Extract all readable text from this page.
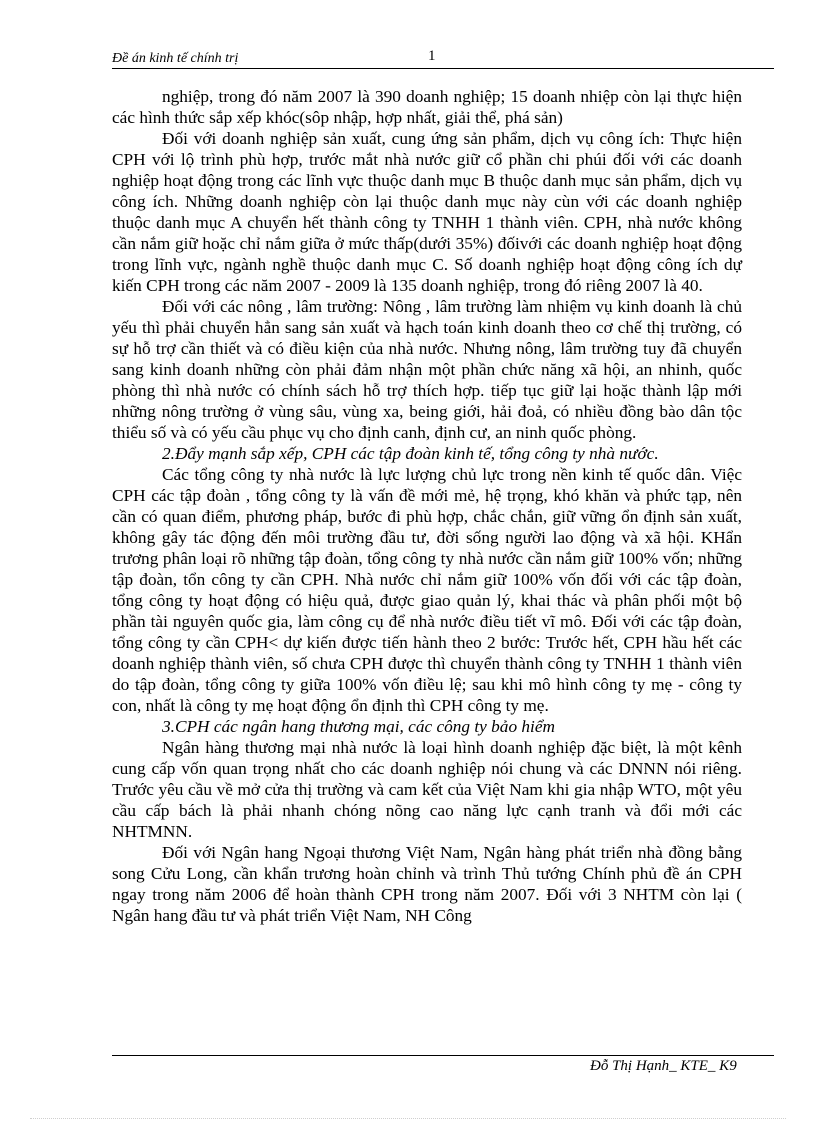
Đề án kinh tế chính trị	1

nghiệp, trong đó năm 2007 là 390 doanh nghiệp; 15 doanh nhiệp còn lại thực hiện các hình thức sắp xếp khóc(sôp nhập, hợp nhất, giải thể, phá sản)

Đối với doanh nghiệp sản xuất, cung ứng sản phẩm, dịch vụ công ích: Thực hiện CPH với lộ trình phù hợp, trước mắt nhà nước giữ cổ phần chi phúi đối với các doanh nghiệp hoạt động trong các lĩnh vực thuộc danh mục B thuộc danh mục sản phẩm, dịch vụ công ích. Những doanh nghiệp còn lại thuộc danh mục này cùn với các doanh nghiệp thuộc danh mục A chuyển hết thành công ty TNHH 1 thành viên. CPH, nhà nước không cần nắm giữ hoặc chỉ nắm giữa ở mức thấp(dưới 35%) đốivới các doanh nghiệp hoạt động trong lĩnh vực, ngành nghề thuộc danh mục C. Số doanh nghiệp hoạt động công ích dự kiến CPH trong các năm 2007 - 2009 là 135 doanh nghiệp, trong đó riêng 2007 là 40.

Đối với các nông , lâm trường: Nông , lâm trường làm nhiệm vụ kinh doanh là chủ yếu thì phải chuyển hẳn sang sản xuất và hạch toán kinh doanh theo cơ chế thị trường, có sự hỗ trợ cần thiết và có điều kiện của nhà nước. Nhưng nông, lâm trường tuy đã chuyển sang kinh doanh những còn phải đảm nhận một phần chức năng xã hội, an nhinh, quốc phòng thì nhà nước có chính sách hỗ trợ thích hợp. tiếp tục giữ lại hoặc thành lập mới những nông trường ở vùng sâu, vùng xa, being giới, hải đoả, có nhiều đồng bào dân tộc thiểu số và có yếu cầu phục vụ cho định canh, định cư, an ninh quốc phòng.

2.Đẩy mạnh sắp xếp, CPH các tập đoàn kinh tế, tổng công ty nhà nước.

Các tổng công ty nhà nước là lực lượng chủ lực trong nền kinh tế quốc dân. Việc CPH các tập đoàn , tổng công ty là vấn đề mới mẻ, hệ trọng, khó khăn và phức tạp, nên cần có quan điểm, phương pháp, bước đi phù hợp, chắc chắn, giữ vững ổn định sản xuất, không gây tác động đến môi trường đầu tư, đời sống người lao động và xã hội. KHẩn trương phân loại rõ những tập đoàn, tổng công ty nhà nước cần nắm giữ 100% vốn; những tập đoàn, tổn công ty cần CPH. Nhà nước chỉ nắm giữ 100% vốn đối với các tập đoàn, tổng công ty hoạt động có hiệu quả, được giao quản lý, khai thác và phân phối một bộ phần tài nguyên quốc gia, làm công cụ để nhà nước điều tiết vĩ mô. Đối với các tập đoàn, tổng công ty cần CPH< dự kiến được tiến hành theo 2 bước: Trước hết, CPH hầu hết các doanh nghiệp thành viên, số chưa CPH được thì chuyển thành công ty TNHH 1 thành viên do tập đoàn, tổng công ty giữa 100% vốn điều lệ; sau khi mô hình công ty mẹ - công ty con, nhất là công ty mẹ hoạt động ổn định thì CPH công ty mẹ.

3.CPH các ngân hang thương mại, các công ty bảo hiểm

Ngân hàng thương mại nhà nước là loại hình doanh nghiệp đặc biệt, là một kênh cung cấp vốn quan trọng nhất cho các doanh nghiệp nói chung và các DNNN nói riêng. Trước yêu cầu về mở cửa thị trường và cam kết của Việt Nam khi gia nhập WTO, một yêu cầu cấp bách là phải nhanh chóng nõng cao năng lực cạnh tranh và đổi mới các NHTMNN.

Đối với Ngân hang Ngoại thương Việt Nam, Ngân hàng phát triển nhà đồng bằng song Cửu Long, cần khẩn trương hoàn chỉnh và trình Thủ tướng Chính phủ đề án CPH ngay trong năm 2006 để hoàn thành CPH trong năm 2007. Đối với 3 NHTM còn lại ( Ngân hang đầu tư và phát triển Việt Nam, NH Công

Đỗ Thị Hạnh_ KTE_ K9
